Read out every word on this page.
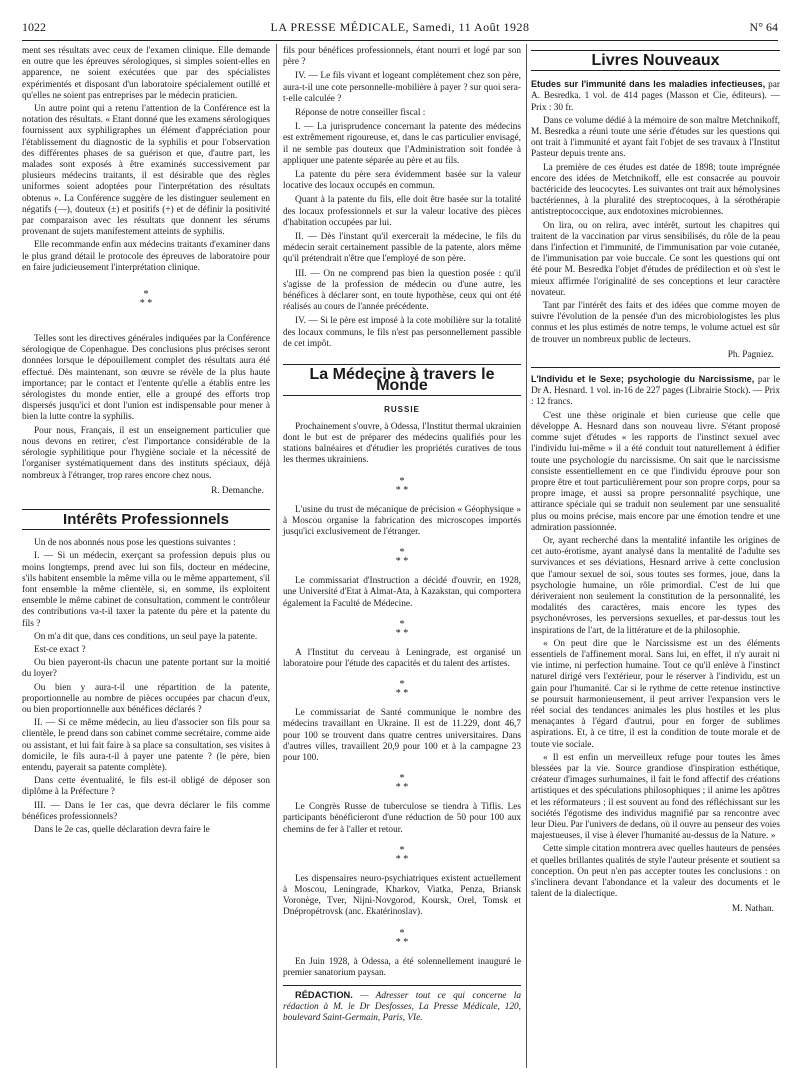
1022	LA PRESSE MÉDICALE, Samedi, 11 Août 1928	N° 64

ment ses résultats avec ceux de l'examen clinique. Elle demande en outre que les épreuves sérologiques, si simples soient-elles en apparence, ne soient exécutées que par des spécialistes expérimentés et disposant d'un laboratoire spécialement outillé et qu'elles ne soient pas entreprises par le médecin praticien.

Un autre point qui a retenu l'attention de la Conférence est la notation des résultats. « Etant donné que les examens sérologiques fournissent aux syphiligraphes un élément d'appréciation pour l'établissement du diagnostic de la syphilis et pour l'observation des différentes phases de sa guérison et que, d'autre part, les malades sont exposés à être examinés successivement par plusieurs médecins traitants, il est désirable que des règles uniformes soient adoptées pour l'interprétation des résultats obtenus ». La Conférence suggère de les distinguer seulement en négatifs (—), douteux (±) et positifs (+) et de définir la positivité par comparaison avec les résultats que donnent les sérums provenant de sujets manifestement atteints de syphilis.

Elle recommande enfin aux médecins traitants d'examiner dans le plus grand détail le protocole des épreuves de laboratoire pour en faire judicieusement l'interprétation clinique.

*
* *

Telles sont les directives générales indiquées par la Conférence sérologique de Copenhague. Des conclusions plus précises seront données lorsque le dépouillement complet des résultats aura été effectué. Dès maintenant, son œuvre se révèle de la plus haute importance; par le contact et l'entente qu'elle a établis entre les sérologistes du monde entier, elle a groupé des efforts trop dispersés jusqu'ici et dont l'union est indispensable pour mener à bien la lutte contre la syphilis.

Pour nous, Français, il est un enseignement particulier que nous devons en retirer, c'est l'importance considérable de la sérologie syphilitique pour l'hygiène sociale et la nécessité de l'organiser systématiquement dans des instituts spéciaux, déjà nombreux à l'étranger, trop rares encore chez nous.

R. Demanche.
Intérêts Professionnels

Un de nos abonnés nous pose les questions suivantes :

I. — Si un médecin, exerçant sa profession depuis plus ou moins longtemps, prend avec lui son fils, docteur en médecine, s'ils habitent ensemble la même villa ou le même appartement, s'il font ensemble la même clientèle, si, en somme, ils exploitent ensemble le même cabinet de consultation, comment le contrôleur des contributions va-t-il taxer la patente du père et la patente du fils ?

On m'a dit que, dans ces conditions, un seul paye la patente.

Est-ce exact ?

Ou bien payeront-ils chacun une patente portant sur la moitié du loyer?

Ou bien y aura-t-il une répartition de la patente, proportionnelle au nombre de pièces occupées par chacun d'eux, ou bien proportionnelle aux bénéfices déclarés ?

II. — Si ce même médecin, au lieu d'associer son fils pour sa clientèle, le prend dans son cabinet comme secrétaire, comme aide ou assistant, et lui fait faire à sa place sa consultation, ses visites à domicile, le fils aura-t-il à payer une patente ? (le père, bien entendu, payerait sa patente complète).

Dans cette éventualité, le fils est-il obligé de déposer son diplôme à la Préfecture ?

III. — Dans le 1er cas, que devra déclarer le fils comme bénéfices professionnels?

Dans le 2e cas, quelle déclaration devra faire le

fils pour bénéfices professionnels, étant nourri et logé par son père ?

IV. — Le fils vivant et logeant complètement chez son père, aura-t-il une cote personnelle-mobilière à payer ? sur quoi sera-t-elle calculée ?

Réponse de notre conseiller fiscal :

I. — La jurisprudence concernant la patente des médecins est extrêmement rigoureuse, et, dans le cas particulier envisagé, il ne semble pas douteux que l'Administration soit fondée à appliquer une patente séparée au père et au fils.

La patente du père sera évidemment basée sur la valeur locative des locaux occupés en commun.

Quant à la patente du fils, elle doit être basée sur la totalité des locaux professionnels et sur la valeur locative des pièces d'habitation occupées par lui.

II. — Dès l'instant qu'il exercerait la médecine, le fils du médecin serait certainement passible de la patente, alors même qu'il prétendrait n'être que l'employé de son père.

III. — On ne comprend pas bien la question posée : qu'il s'agisse de la profession de médecin ou d'une autre, les bénéfices à déclarer sont, en toute hypothèse, ceux qui ont été réalisés au cours de l'année précédente.

IV. — Si le père est imposé à la cote mobilière sur la totalité des locaux communs, le fils n'est pas personnellement passible de cet impôt.

La Médecine à travers le Monde
RUSSIE

Prochainement s'ouvre, à Odessa, l'Institut thermal ukrainien dont le but est de préparer des médecins qualifiés pour les stations balnéaires et d'étudier les propriétés curatives de tous les thermes ukrainiens.

*
* *

L'usine du trust de mécanique de précision « Géophysique » à Moscou organise la fabrication des microscopes importés jusqu'ici exclusivement de l'étranger.

*
* *

Le commissariat d'Instruction a décidé d'ouvrir, en 1928, une Université d'Etat à Almat-Ata, à Kazakstan, qui comportera également la Faculté de Médecine.

*
* *

A l'Institut du cerveau à Leningrade, est organisé un laboratoire pour l'étude des capacités et du talent des artistes.

*
* *

Le commissariat de Santé communique le nombre des médecins travaillant en Ukraine. Il est de 11.229, dont 46,7 pour 100 se trouvent dans quatre centres universitaires. Dans d'autres villes, travaillent 20,9 pour 100 et à la campagne 23 pour 100.

*
* *

Le Congrès Russe de tuberculose se tiendra à Tiflis. Les participants bénéficieront d'une réduction de 50 pour 100 aux chemins de fer à l'aller et retour.

*
* *

Les dispensaires neuro-psychiatriques existent actuellement à Moscou, Leningrade, Kharkov, Viatka, Penza, Briansk Voronège, Tver, Nijni-Novgorod, Koursk, Orel, Tomsk et Dnépropétrovsk (anc. Ekatérinoslav).

*
* *

En Juin 1928, à Odessa, a été solennellement inauguré le premier sanatorium paysan.

RÉDACTION. — Adresser tout ce qui concerne la rédaction à M. le Dr Desfosses, La Presse Médicale, 120, boulevard Saint-Germain, Paris, VIe.

Livres Nouveaux

Etudes sur l'immunité dans les maladies infectieuses, par A. Besredka. 1 vol. de 414 pages (Masson et Cie, éditeurs). — Prix : 30 fr.

Dans ce volume dédié à la mémoire de son maître Metchnikoff, M. Besredka a réuni toute une série d'études sur les questions qui ont trait à l'immunité et ayant fait l'objet de ses travaux à l'Institut Pasteur depuis trente ans.

La première de ces études est datée de 1898; toute imprégnée encore des idées de Metchnikoff, elle est consacrée au pouvoir bactéricide des leucocytes. Les suivantes ont trait aux hémolysines bactériennes, à la pluralité des streptocoques, à la sérothérapie antistreptococcique, aux endotoxines microbiennes.

On lira, ou on relira, avec intérêt, surtout les chapitres qui traitent de la vaccination par virus sensibilisés, du rôle de la peau dans l'infection et l'immunité, de l'immunisation par voie cutanée, de l'immunisation par voie buccale. Ce sont les questions qui ont été pour M. Besredka l'objet d'études de prédilection et où s'est le mieux affirmée l'originalité de ses conceptions et leur caractère novateur.

Tant par l'intérêt des faits et des idées que comme moyen de suivre l'évolution de la pensée d'un des microbiologistes les plus connus et les plus estimés de notre temps, le volume actuel est sûr de trouver un nombreux public de lecteurs.

Ph. Pagniez.

L'Individu et le Sexe; psychologie du Narcissisme, par le Dr A. Hesnard. 1 vol. in-16 de 227 pages (Librairie Stock). — Prix : 12 francs.

C'est une thèse originale et bien curieuse que celle que développe A. Hesnard dans son nouveau livre. S'étant proposé comme sujet d'études « les rapports de l'instinct sexuel avec l'individu lui-même » il a été conduit tout naturellement à édifier toute une psychologie du narcissisme. On sait que le narcissisme consiste essentiellement en ce que l'individu éprouve pour son propre être et tout particulièrement pour son propre corps, pour sa propre image, et aussi sa propre personnalité psychique, une attirance spéciale qui se traduit non seulement par une sensualité plus ou moins précise, mais encore par une émotion tendre et une admiration passionnée.

Or, ayant recherché dans la mentalité infantile les origines de cet auto-érotisme, ayant analysé dans la mentalité de l'adulte ses survivances et ses déviations, Hesnard arrive à cette conclusion que l'amour sexuel de soi, sous toutes ses formes, joue, dans la psychologie humaine, un rôle primordial. C'est de lui que dériveraient non seulement la constitution de la personnalité, les modalités des caractères, mais encore les types des psychonévroses, les perversions sexuelles, et par-dessus tout les inspirations de l'art, de la littérature et de la philosophie.

« On peut dire que le Narcissisme est un des éléments essentiels de l'affinement moral. Sans lui, en effet, il n'y aurait ni vie intime, ni perfection humaine. Tout ce qu'il enlève à l'instinct naturel dirigé vers l'extérieur, pour le réserver à l'individu, est un gain pour l'humanité. Car si le rythme de cette retenue instinctive se poursuit harmonieusement, il peut arriver l'expansion vers le réel social des tendances animales les plus hostiles et les plus menaçantes à l'égard d'autrui, pour en forger de sublimes aspirations. Et, à ce titre, il est la condition de toute morale et de toute vie sociale.

« Il est enfin un merveilleux refuge pour toutes les âmes blessées par la vie. Source grandiose d'inspiration esthétique, créateur d'images surhumaines, il fait le fond affectif des créations artistiques et des spéculations philosophiques ; il anime les apôtres et les réformateurs ; il est souvent au fond des réfléchissant sur les sociétés l'égotisme des individus magnifié par sa rencontre avec leur Dieu. Par l'univers de dedans, où il ouvre au penseur des voies majestueuses, il vise à élever l'humanité au-dessus de la Nature. »

Cette simple citation montrera avec quelles hauteurs de pensées et quelles brillantes qualités de style l'auteur présente et soutient sa conception. On peut n'en pas accepter toutes les conclusions : on s'inclinera devant l'abondance et la valeur des documents et le talent de la dialectique.

M. Nathan.
